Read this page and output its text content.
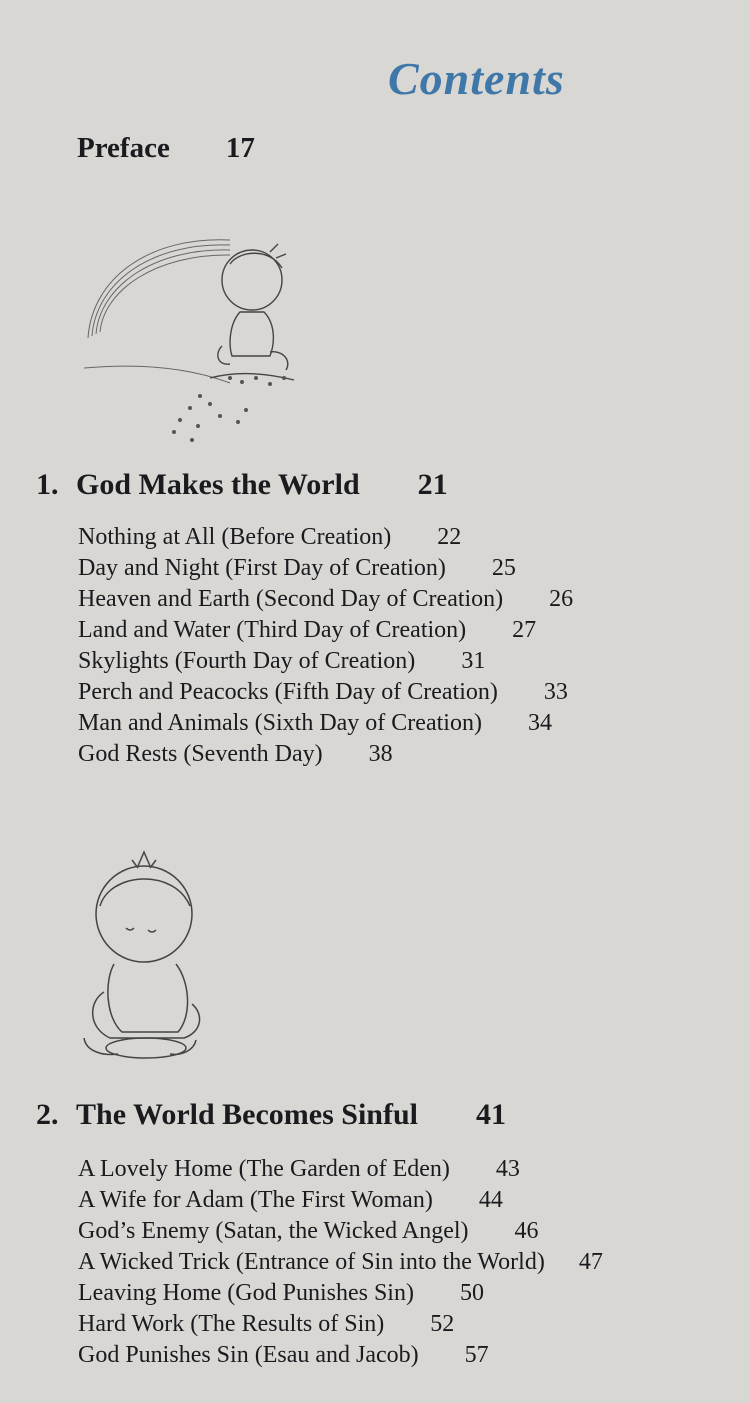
Contents
Preface 17
1. God Makes the World 21
Nothing at All (Before Creation) 22
Day and Night (First Day of Creation) 25
Heaven and Earth (Second Day of Creation) 26
Land and Water (Third Day of Creation) 27
Skylights (Fourth Day of Creation) 31
Perch and Peacocks (Fifth Day of Creation) 33
Man and Animals (Sixth Day of Creation) 34
God Rests (Seventh Day) 38
2. The World Becomes Sinful 41
A Lovely Home (The Garden of Eden) 43
A Wife for Adam (The First Woman) 44
God’s Enemy (Satan, the Wicked Angel) 46
A Wicked Trick (Entrance of Sin into the World) 47
Leaving Home (God Punishes Sin) 50
Hard Work (The Results of Sin) 52
God Punishes Sin (Esau and Jacob) 57
